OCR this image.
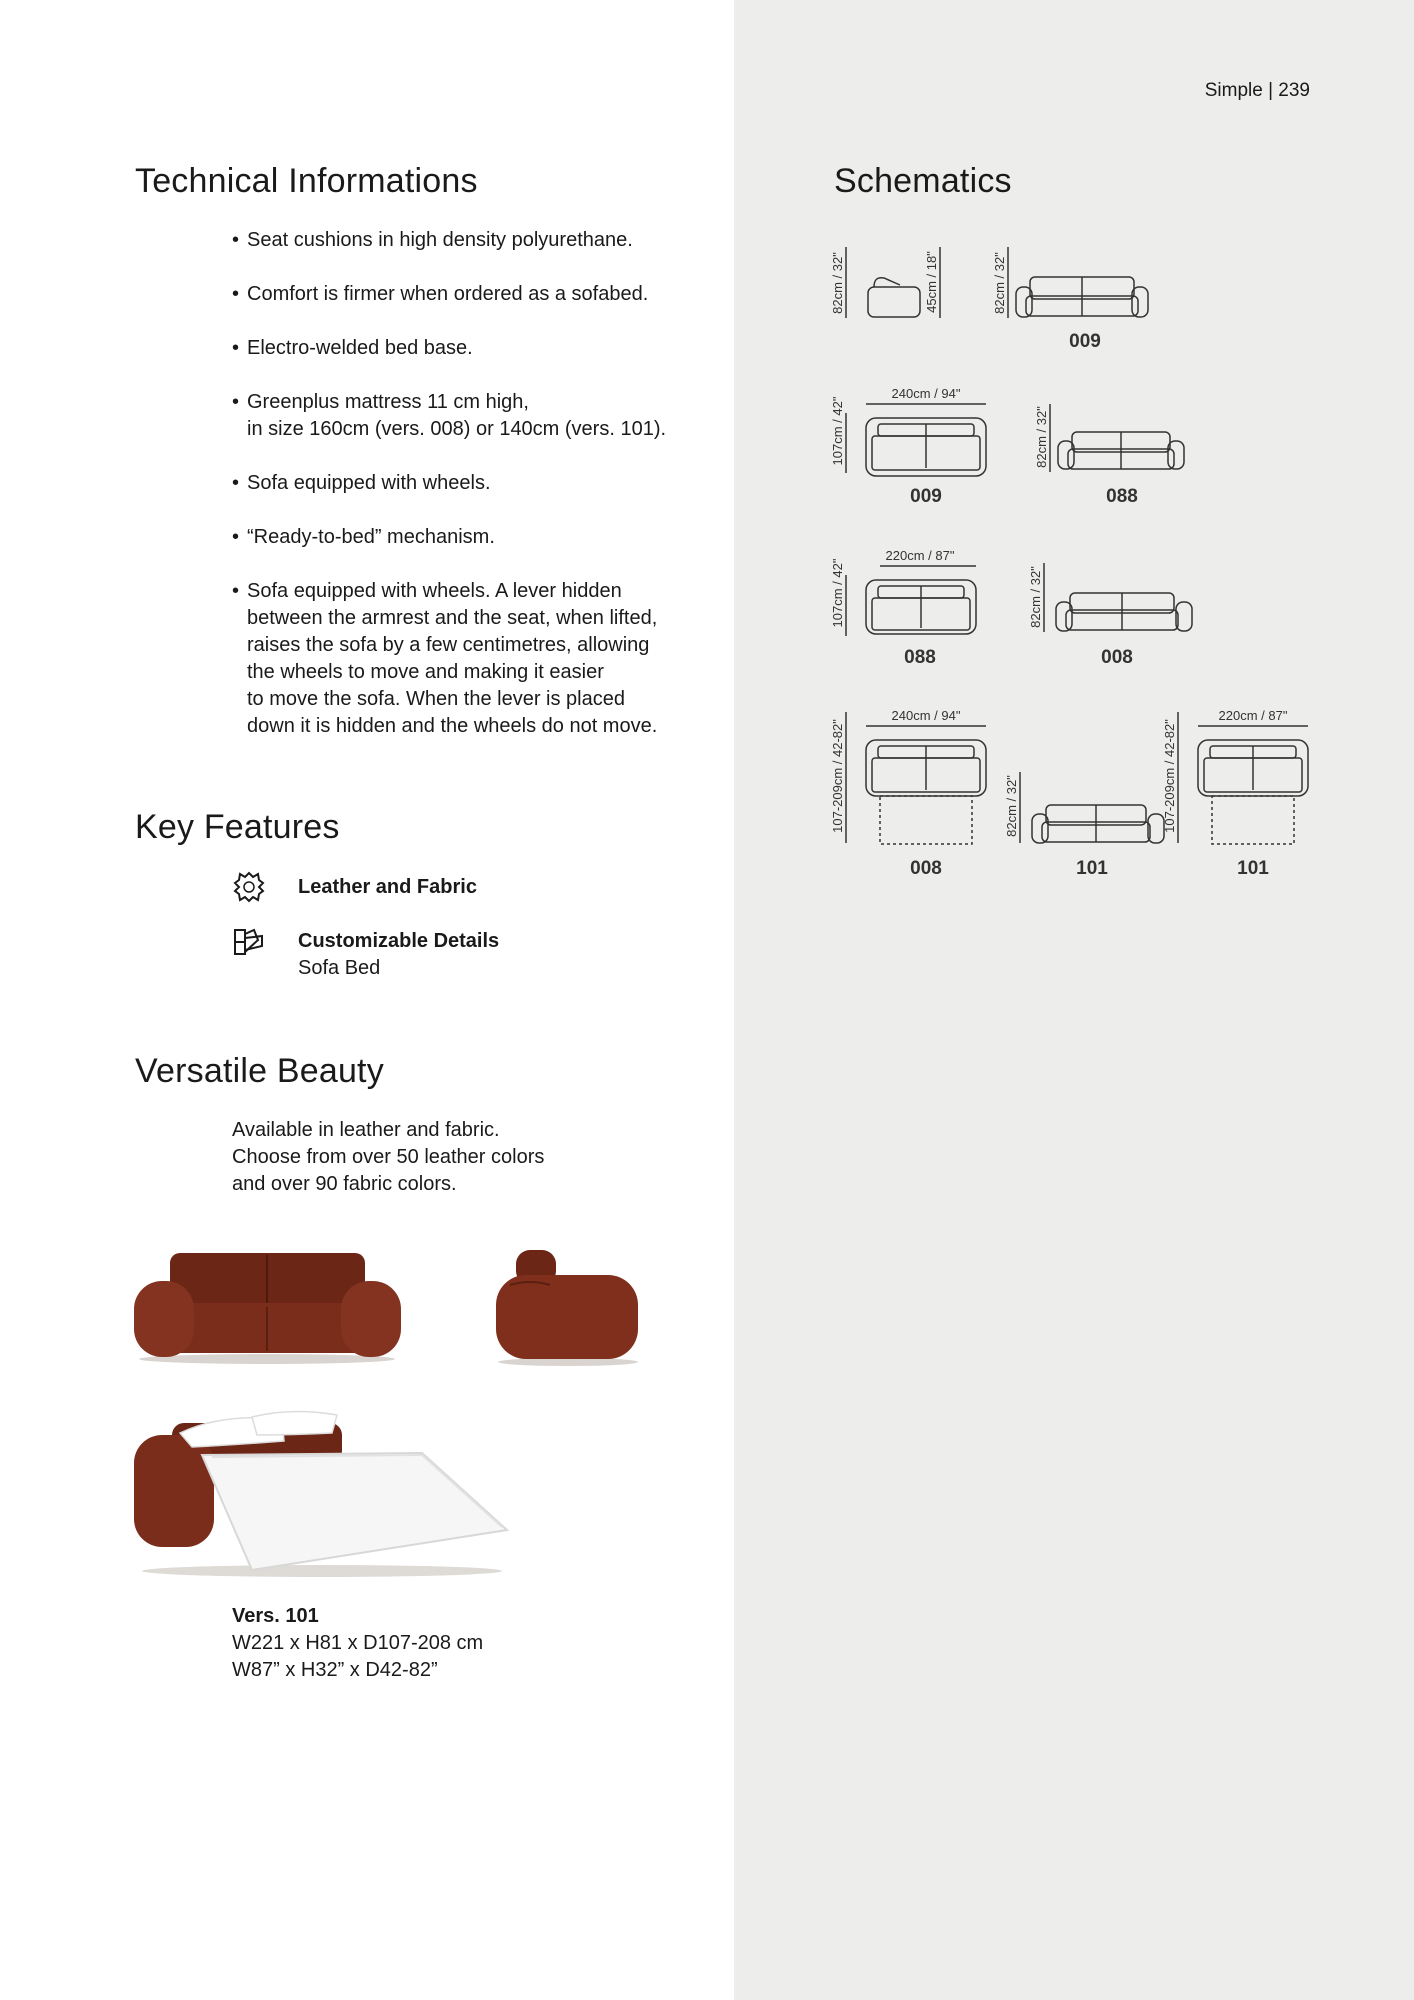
Simple | 239
Technical Informations
• Seat cushions in high density polyurethane.
• Comfort is firmer when ordered as a sofabed.
• Electro-welded bed base.
• Greenplus mattress 11 cm high,
in size 160cm (vers. 008) or 140cm (vers. 101).
• Sofa equipped with wheels.
• “Ready-to-bed” mechanism.
• Sofa equipped with wheels. A lever hidden
between the armrest and the seat, when lifted,
raises the sofa by a few centimetres, allowing
the wheels to move and making it easier
to move the sofa. When the lever is placed
down it is hidden and the wheels do not move.
Key Features
Leather and Fabric
Customizable Details
Sofa Bed
Versatile Beauty

Available in leather and fabric.
Choose from over 50 leather colors
and over 90 fabric colors.

Vers. 101
W221 x H81 x D107-208 cm
W87” x H32” x D42-82”
Schematics
82cm / 32"	45cm / 18"	82cm / 32"
009
240cm / 94"
107cm / 42"
009
82cm / 32"
088
220cm / 87"
107cm / 42"
088
82cm / 32"
008
240cm / 94"
107-209cm / 42-82"
008
82cm / 32"
101
220cm / 87"
107-209cm / 42-82"
101
